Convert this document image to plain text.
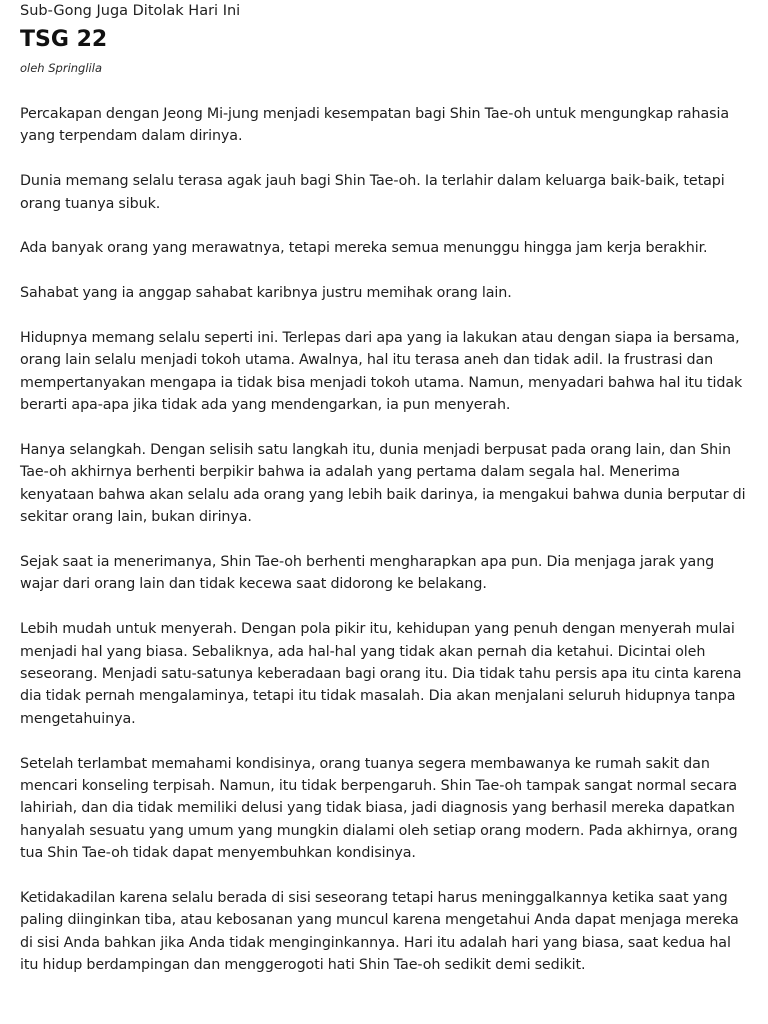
Sub-Gong Juga Ditolak Hari Ini
TSG 22
oleh Springlila

Percakapan dengan Jeong Mi-jung menjadi kesempatan bagi Shin Tae-oh untuk mengungkap rahasia yang terpendam dalam dirinya.

Dunia memang selalu terasa agak jauh bagi Shin Tae-oh. Ia terlahir dalam keluarga baik-baik, tetapi orang tuanya sibuk.

Ada banyak orang yang merawatnya, tetapi mereka semua menunggu hingga jam kerja berakhir.

Sahabat yang ia anggap sahabat karibnya justru memihak orang lain.

Hidupnya memang selalu seperti ini. Terlepas dari apa yang ia lakukan atau dengan siapa ia bersama, orang lain selalu menjadi tokoh utama. Awalnya, hal itu terasa aneh dan tidak adil. Ia frustrasi dan mempertanyakan mengapa ia tidak bisa menjadi tokoh utama. Namun, menyadari bahwa hal itu tidak berarti apa-apa jika tidak ada yang mendengarkan, ia pun menyerah.

Hanya selangkah. Dengan selisih satu langkah itu, dunia menjadi berpusat pada orang lain, dan Shin Tae-oh akhirnya berhenti berpikir bahwa ia adalah yang pertama dalam segala hal. Menerima kenyataan bahwa akan selalu ada orang yang lebih baik darinya, ia mengakui bahwa dunia berputar di sekitar orang lain, bukan dirinya.

Sejak saat ia menerimanya, Shin Tae-oh berhenti mengharapkan apa pun. Dia menjaga jarak yang wajar dari orang lain dan tidak kecewa saat didorong ke belakang.

Lebih mudah untuk menyerah. Dengan pola pikir itu, kehidupan yang penuh dengan menyerah mulai menjadi hal yang biasa. Sebaliknya, ada hal-hal yang tidak akan pernah dia ketahui. Dicintai oleh seseorang. Menjadi satu-satunya keberadaan bagi orang itu. Dia tidak tahu persis apa itu cinta karena dia tidak pernah mengalaminya, tetapi itu tidak masalah. Dia akan menjalani seluruh hidupnya tanpa mengetahuinya.

Setelah terlambat memahami kondisinya, orang tuanya segera membawanya ke rumah sakit dan mencari konseling terpisah. Namun, itu tidak berpengaruh. Shin Tae-oh tampak sangat normal secara lahiriah, dan dia tidak memiliki delusi yang tidak biasa, jadi diagnosis yang berhasil mereka dapatkan hanyalah sesuatu yang umum yang mungkin dialami oleh setiap orang modern. Pada akhirnya, orang tua Shin Tae-oh tidak dapat menyembuhkan kondisinya.

Ketidakadilan karena selalu berada di sisi seseorang tetapi harus meninggalkannya ketika saat yang paling diinginkan tiba, atau kebosanan yang muncul karena mengetahui Anda dapat menjaga mereka di sisi Anda bahkan jika Anda tidak menginginkannya. Hari itu adalah hari yang biasa, saat kedua hal itu hidup berdampingan dan menggerogoti hati Shin Tae-oh sedikit demi sedikit.
